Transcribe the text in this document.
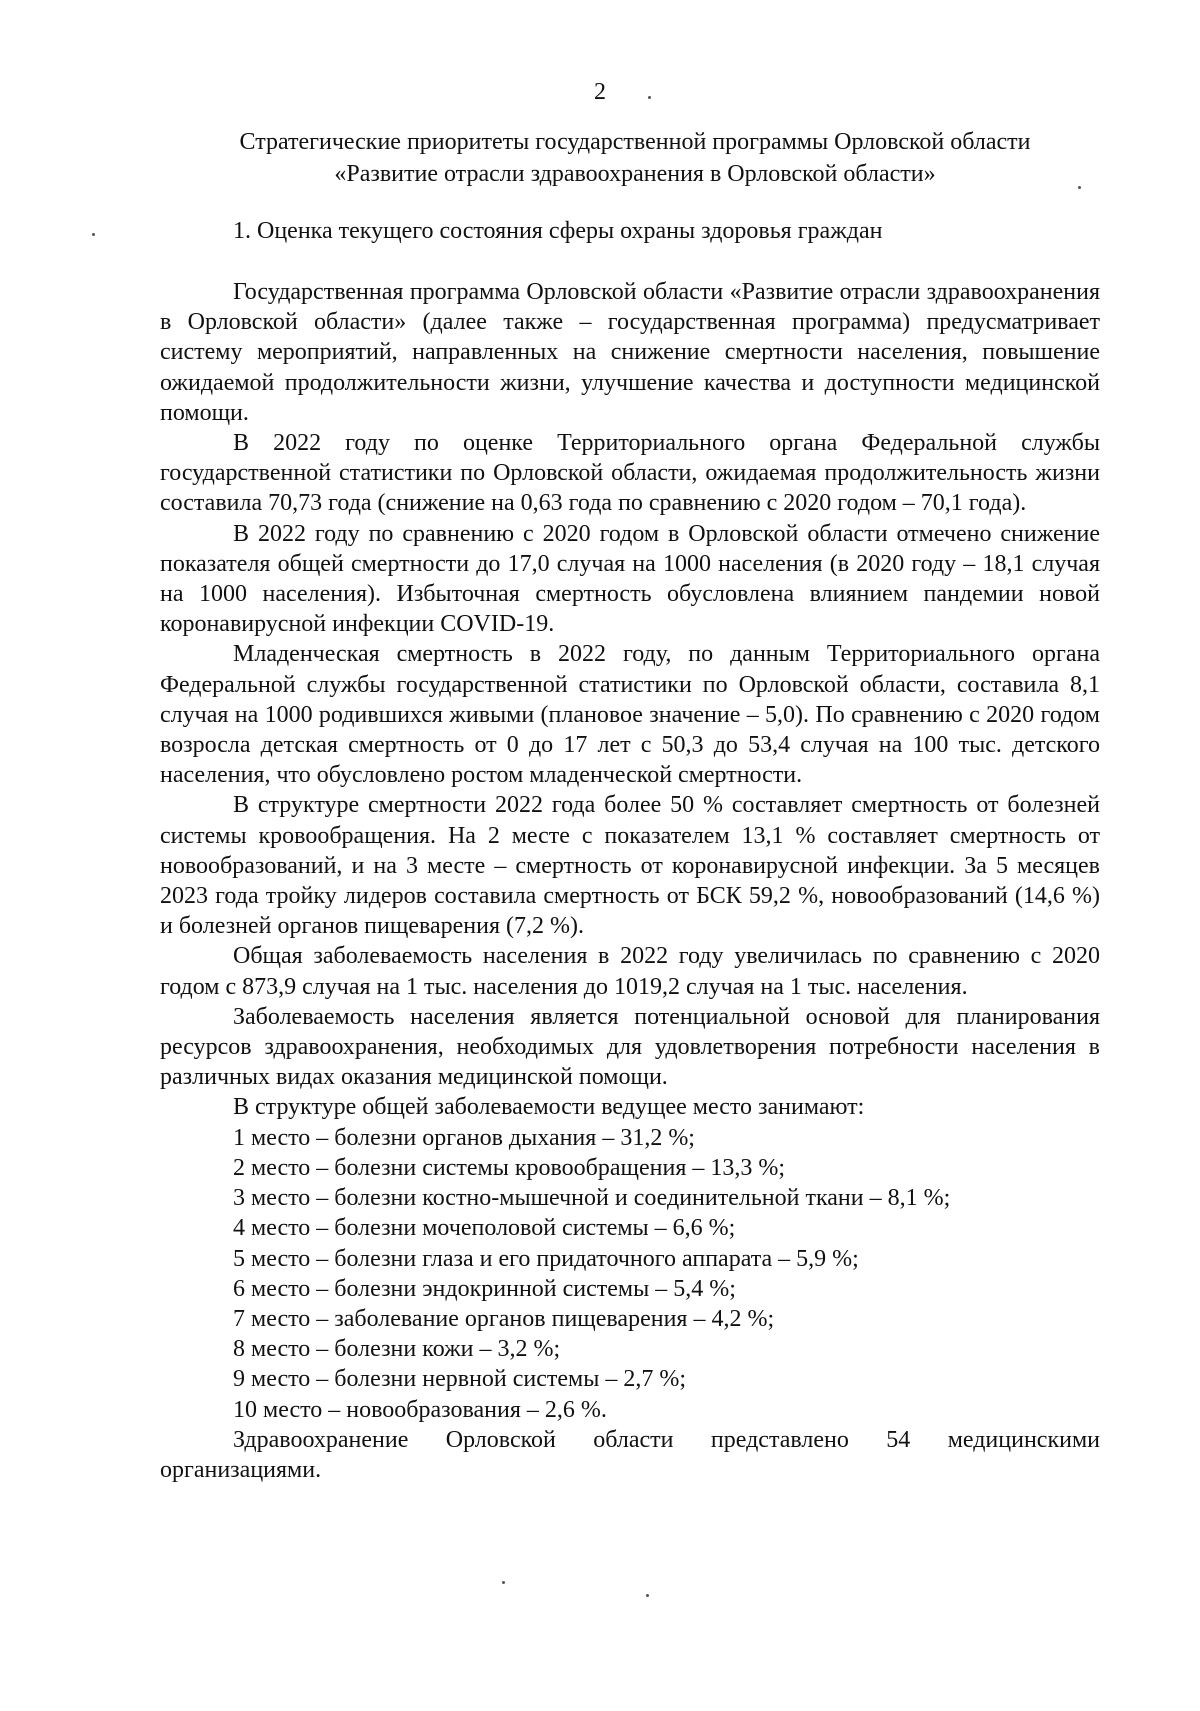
2
Стратегические приоритеты государственной программы Орловской области
«Развитие отрасли здравоохранения в Орловской области»
1. Оценка текущего состояния сферы охраны здоровья граждан

Государственная программа Орловской области «Развитие отрасли здравоохранения в Орловской области» (далее также – государственная программа) предусматривает систему мероприятий, направленных на снижение смертности населения, повышение ожидаемой продолжительности жизни, улучшение качества и доступности медицинской помощи.

В 2022 году по оценке Территориального органа Федеральной службы государственной статистики по Орловской области, ожидаемая продолжительность жизни составила 70,73 года (снижение на 0,63 года по сравнению с 2020 годом – 70,1 года).

В 2022 году по сравнению с 2020 годом в Орловской области отмечено снижение показателя общей смертности до 17,0 случая на 1000 населения (в 2020 году – 18,1 случая на 1000 населения). Избыточная смертность обусловлена влиянием пандемии новой коронавирусной инфекции COVID-19.

Младенческая смертность в 2022 году, по данным Территориального органа Федеральной службы государственной статистики по Орловской области, составила 8,1 случая на 1000 родившихся живыми (плановое значение – 5,0). По сравнению с 2020 годом возросла детская смертность от 0 до 17 лет с 50,3 до 53,4 случая на 100 тыс. детского населения, что обусловлено ростом младенческой смертности.

В структуре смертности 2022 года более 50 % составляет смертность от болезней системы кровообращения. На 2 месте с показателем 13,1 % составляет смертность от новообразований, и на 3 месте – смертность от коронавирусной инфекции. За 5 месяцев 2023 года тройку лидеров составила смертность от БСК 59,2 %, новообразований (14,6 %) и болезней органов пищеварения (7,2 %).

Общая заболеваемость населения в 2022 году увеличилась по сравнению с 2020 годом с 873,9 случая на 1 тыс. населения до 1019,2 случая на 1 тыс. населения.

Заболеваемость населения является потенциальной основой для планирования ресурсов здравоохранения, необходимых для удовлетворения потребности населения в различных видах оказания медицинской помощи.

В структуре общей заболеваемости ведущее место занимают:

1 место – болезни органов дыхания – 31,2 %;
2 место – болезни системы кровообращения – 13,3 %;
3 место – болезни костно-мышечной и соединительной ткани – 8,1 %;
4 место – болезни мочеполовой системы – 6,6 %;
5 место – болезни глаза и его придаточного аппарата – 5,9 %;
6 место – болезни эндокринной системы – 5,4 %;
7 место – заболевание органов пищеварения – 4,2 %;
8 место – болезни кожи – 3,2 %;
9 место – болезни нервной системы – 2,7 %;
10 место – новообразования – 2,6 %.

Здравоохранение Орловской области представлено 54 медицинскими организациями.
